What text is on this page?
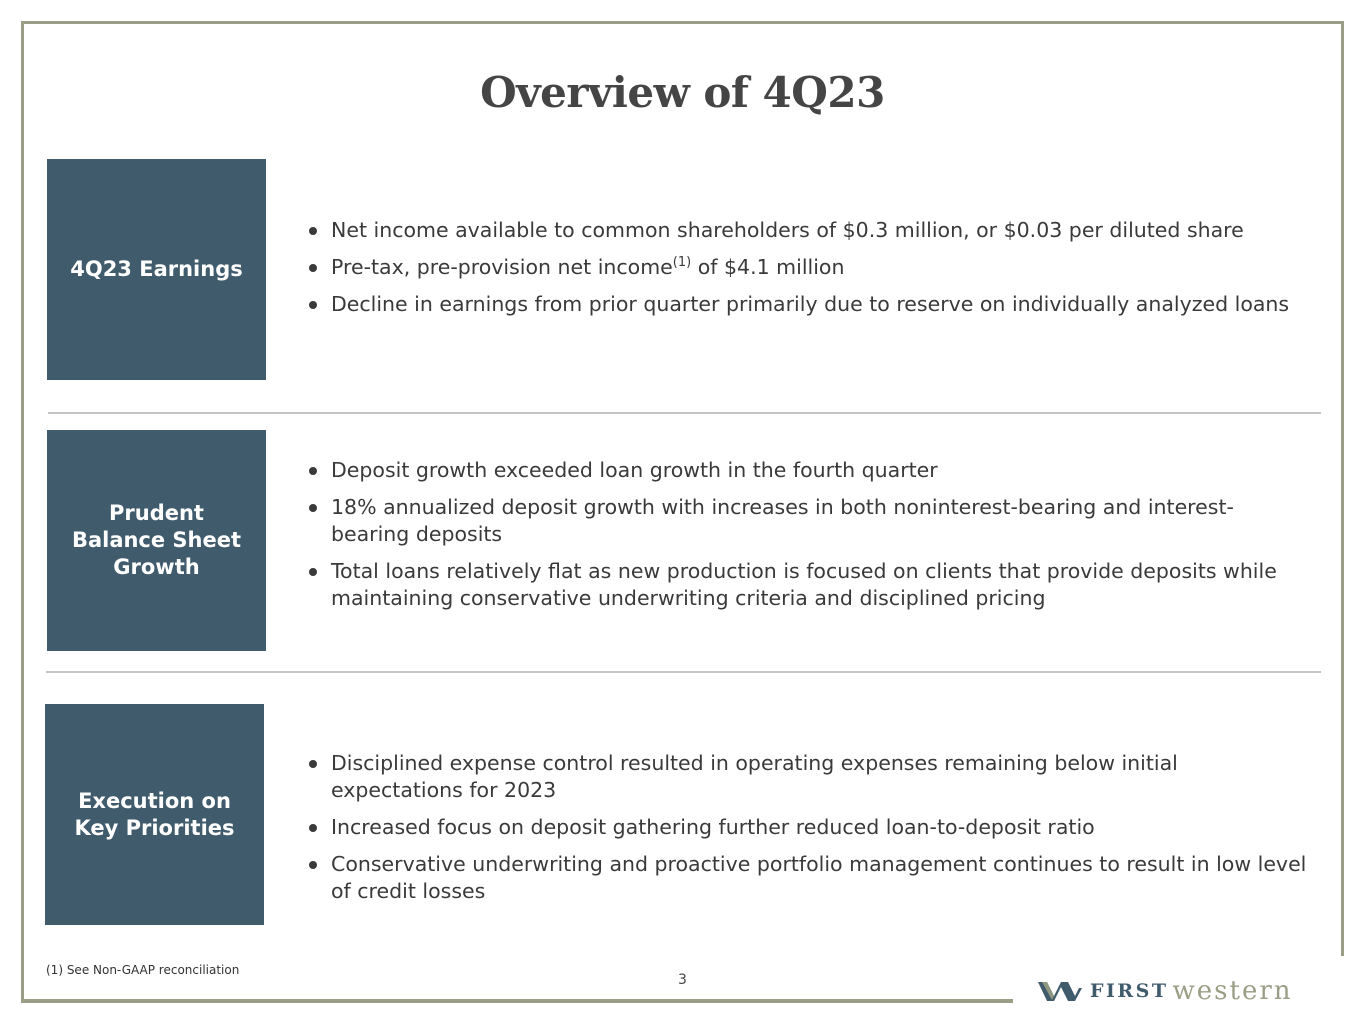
Overview of 4Q23
4Q23 Earnings
Net income available to common shareholders of $0.3 million, or $0.03 per diluted share
Pre-tax, pre-provision net income$^{(1)}$ of $4.1 million
Decline in earnings from prior quarter primarily due to reserve on individually analyzed loans
Prudent
Balance Sheet
Growth
Deposit growth exceeded loan growth in the fourth quarter
18% annualized deposit growth with increases in both noninterest-bearing and interest-bearing deposits
Total loans relatively flat as new production is focused on clients that provide deposits while maintaining conservative underwriting criteria and disciplined pricing
Execution on Key Priorities
Disciplined expense control resulted in operating expenses remaining below initial expectations for 2023
Increased focus on deposit gathering further reduced loan-to-deposit ratio
Conservative underwriting and proactive portfolio management continues to result in low level of credit losses
(1) See Non-GAAP reconciliation
3	FIRST western
